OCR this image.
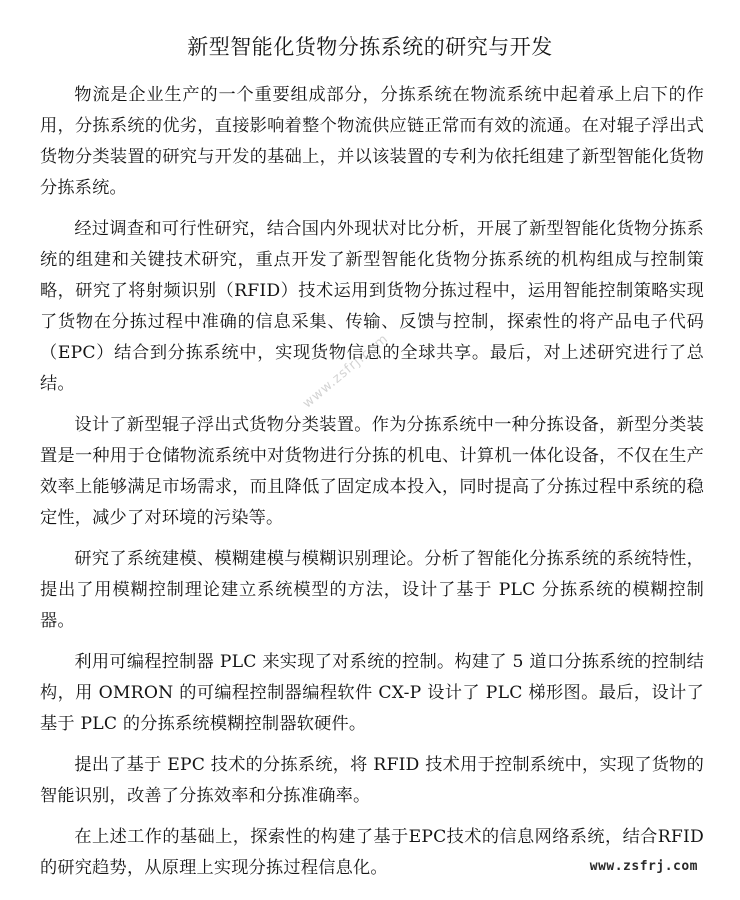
新型智能化货物分拣系统的研究与开发

物流是企业生产的一个重要组成部分，分拣系统在物流系统中起着承上启下的作用，分拣系统的优劣，直接影响着整个物流供应链正常而有效的流通。在对辊子浮出式货物分类装置的研究与开发的基础上，并以该装置的专利为依托组建了新型智能化货物分拣系统。

经过调查和可行性研究，结合国内外现状对比分析，开展了新型智能化货物分拣系统的组建和关键技术研究，重点开发了新型智能化货物分拣系统的机构组成与控制策略，研究了将射频识别（RFID）技术运用到货物分拣过程中，运用智能控制策略实现了货物在分拣过程中准确的信息采集、传输、反馈与控制，探索性的将产品电子代码（EPC）结合到分拣系统中，实现货物信息的全球共享。最后，对上述研究进行了总结。

设计了新型辊子浮出式货物分类装置。作为分拣系统中一种分拣设备，新型分类装置是一种用于仓储物流系统中对货物进行分拣的机电、计算机一体化设备，不仅在生产效率上能够满足市场需求，而且降低了固定成本投入，同时提高了分拣过程中系统的稳定性，减少了对环境的污染等。

研究了系统建模、模糊建模与模糊识别理论。分析了智能化分拣系统的系统特性，提出了用模糊控制理论建立系统模型的方法，设计了基于 PLC 分拣系统的模糊控制器。

利用可编程控制器 PLC 来实现了对系统的控制。构建了 5 道口分拣系统的控制结构，用 OMRON 的可编程控制器编程软件 CX-P 设计了 PLC 梯形图。最后，设计了基于 PLC 的分拣系统模糊控制器软硬件。

提出了基于 EPC 技术的分拣系统，将 RFID 技术用于控制系统中，实现了货物的智能识别，改善了分拣效率和分拣准确率。

在上述工作的基础上，探索性的构建了基于EPC技术的信息网络系统，结合RFID的研究趋势，从原理上实现分拣过程信息化。

www.zsfrj.com
www.zsfrj.com
